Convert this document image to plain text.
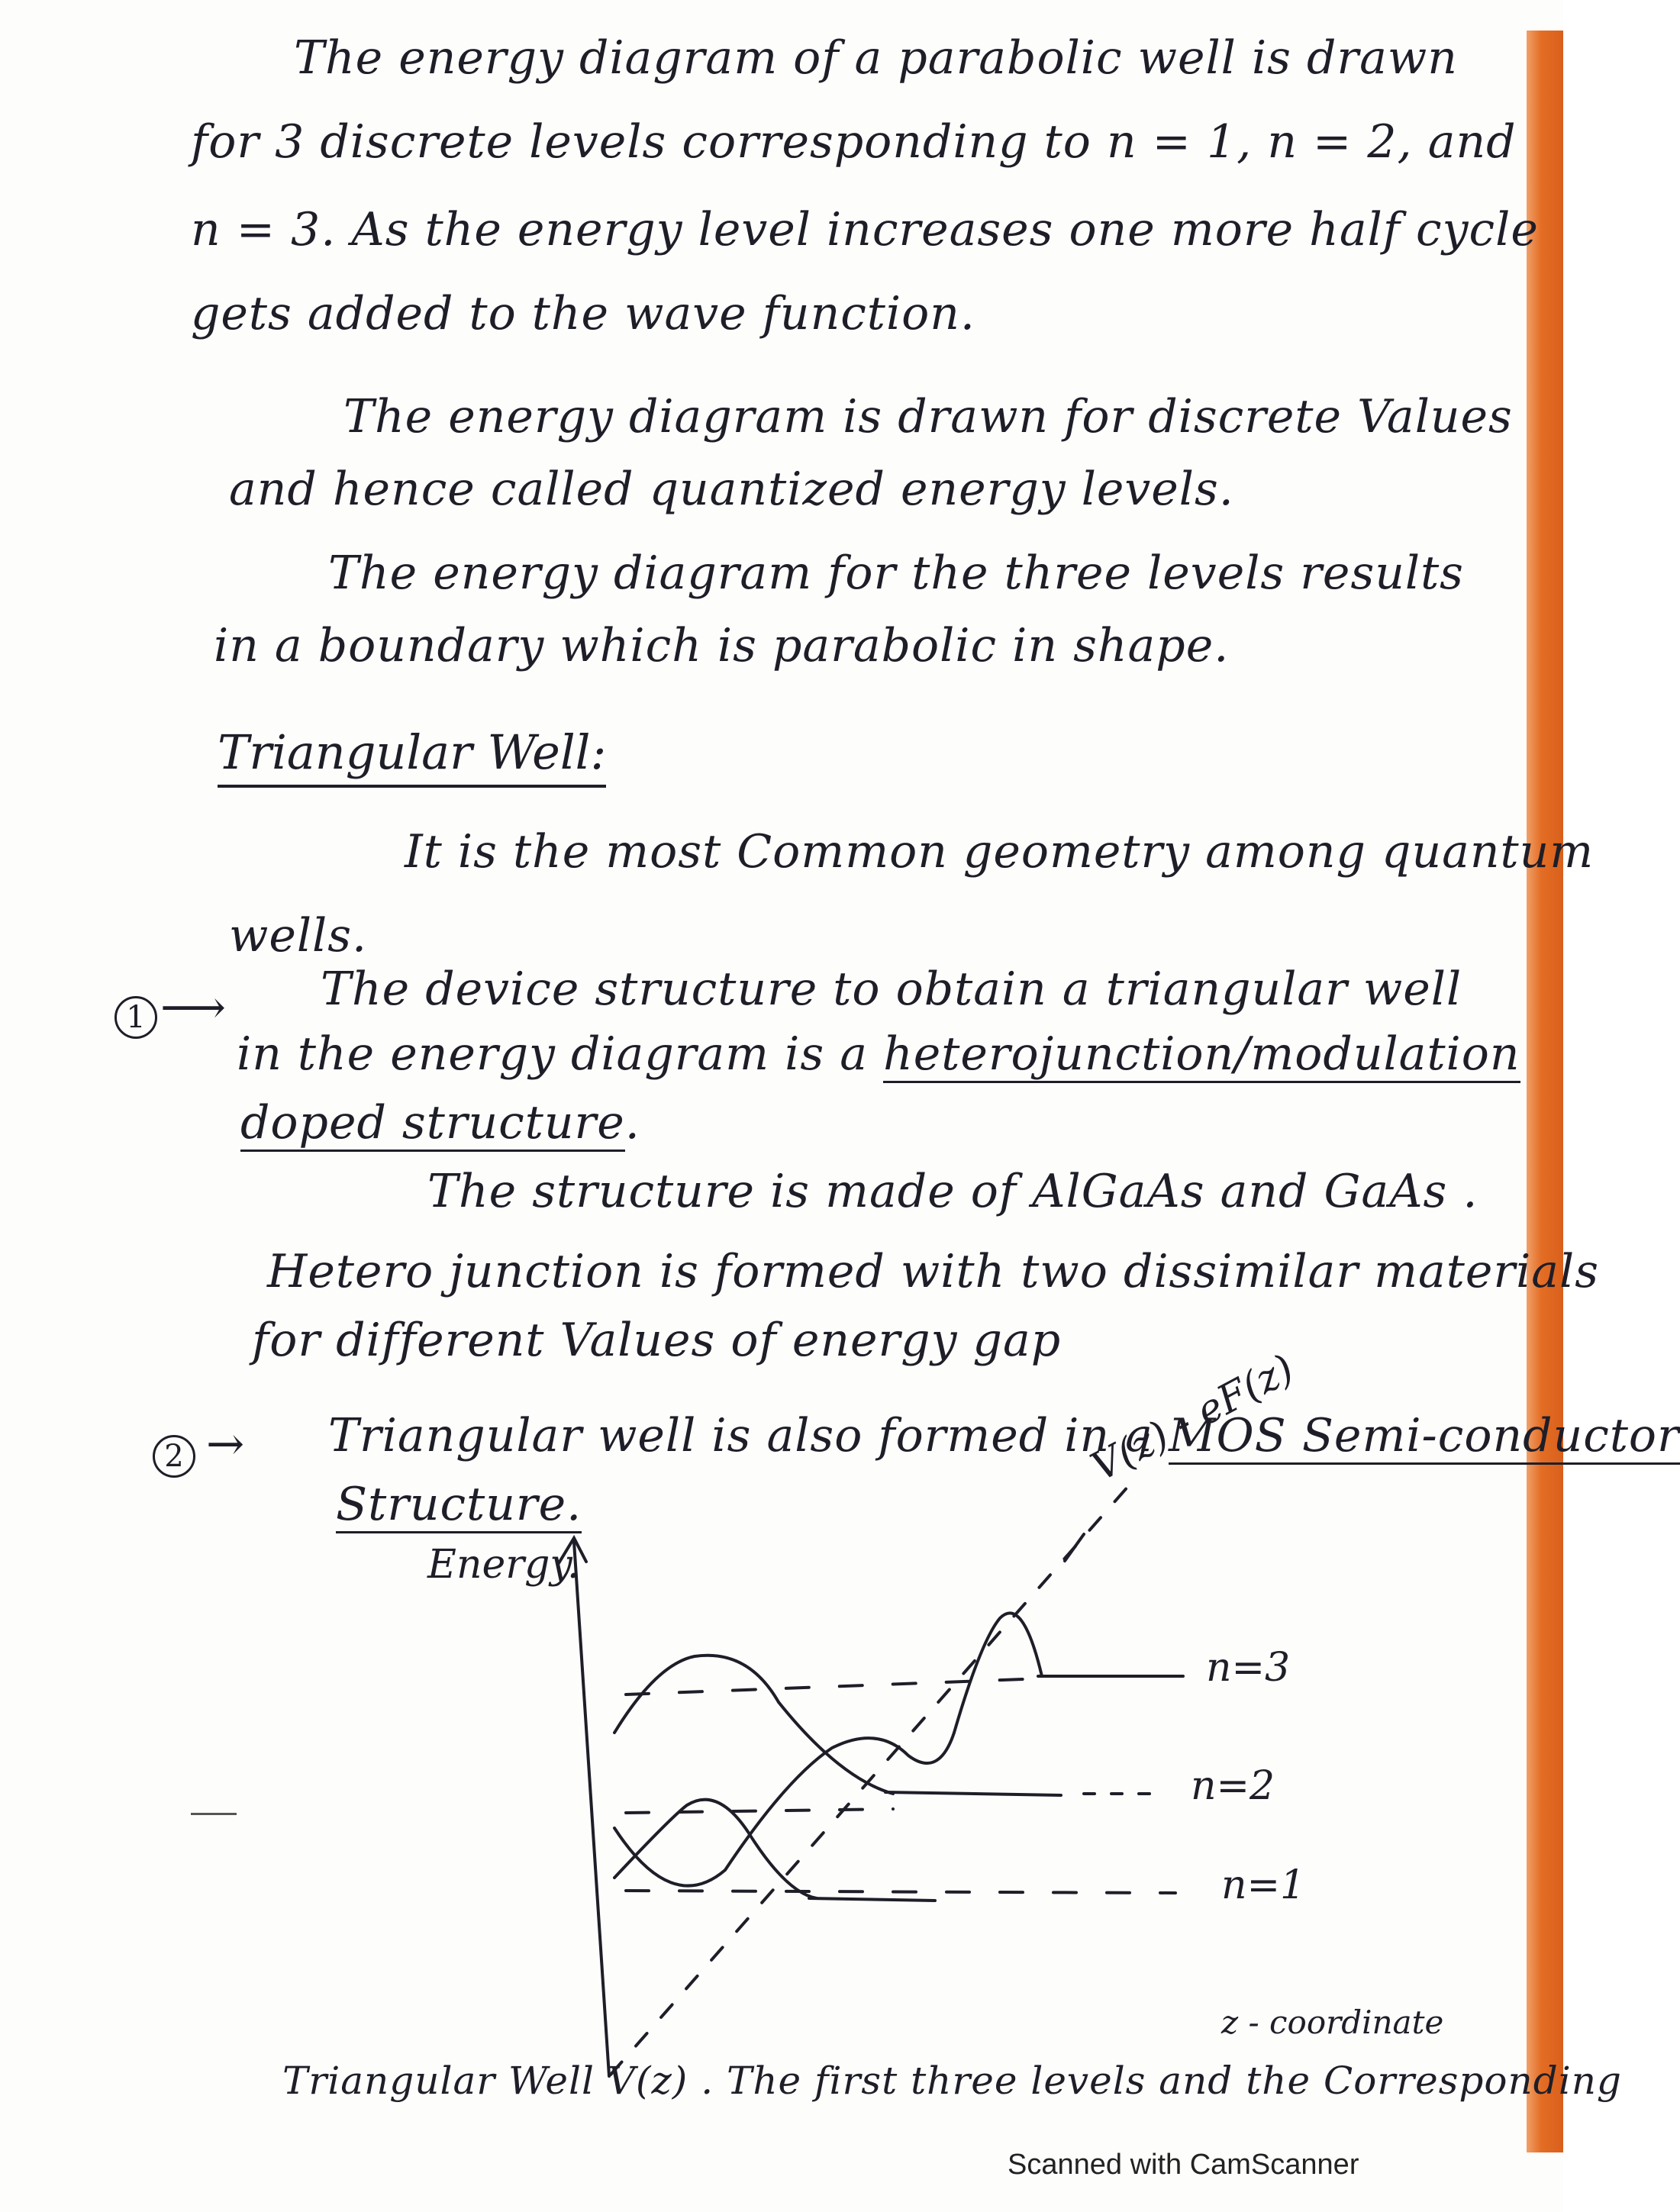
The energy diagram of a parabolic well is drawn
for 3 discrete levels corresponding to n = 1, n = 2, and
n = 3. As the energy level increases one more half cycle
gets added to the wave function.
The energy diagram is drawn for discrete Values
and hence called quantized energy levels.
The energy diagram for the three levels results
in a boundary which is parabolic in shape.
Triangular Well:
It is the most Common geometry among quantum
wells.
1 ⟶ The device structure to obtain a triangular well
in the energy diagram is a heterojunction/modulation
doped structure.
The structure is made of AlGaAs and GaAs .
Hetero junction is formed with two dissimilar materials
for different Values of energy gap
2 → Triangular well is also formed in a MOS Semi-conductor
Structure.
Energy.
V(z) - eF(z)
n=3
n=2
n=1
z - coordinate
Triangular Well V(z) . The first three levels and the Corresponding
Scanned with CamScanner
